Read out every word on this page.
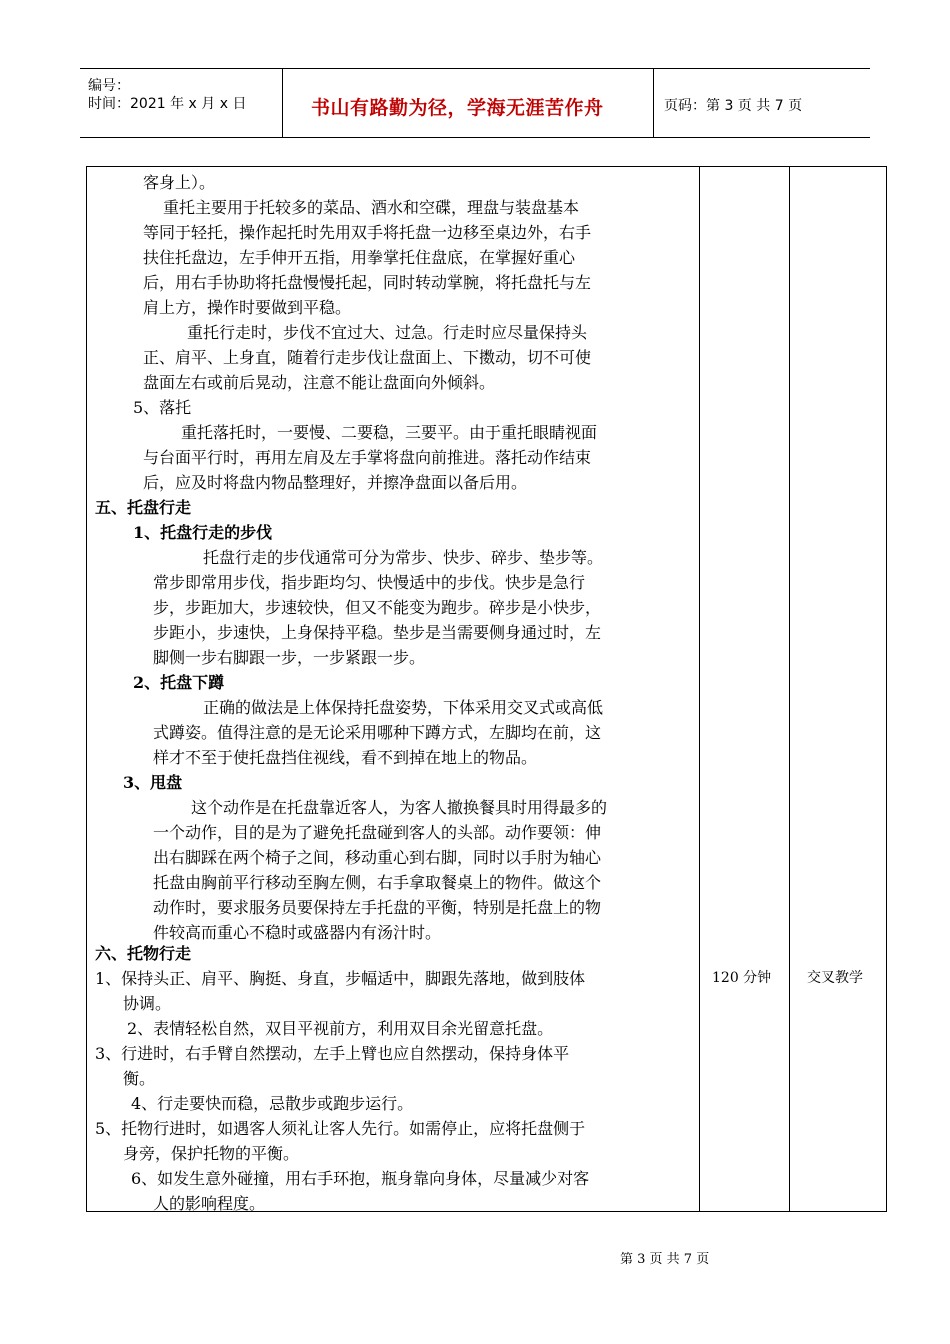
编号：
时间：2021 年 x 月 x 日	书山有路勤为径，学海无涯苦作舟	页码：第 3 页 共 7 页
客身上）。
重托主要用于托较多的菜品、酒水和空碟，理盘与装盘基本
等同于轻托，操作起托时先用双手将托盘一边移至桌边外，右手
扶住托盘边，左手伸开五指，用拳掌托住盘底，在掌握好重心
后，用右手协助将托盘慢慢托起，同时转动掌腕，将托盘托与左
肩上方，操作时要做到平稳。
重托行走时，步伐不宜过大、过急。行走时应尽量保持头
正、肩平、上身直，随着行走步伐让盘面上、下擞动，切不可使
盘面左右或前后晃动，注意不能让盘面向外倾斜。
5、落托
重托落托时，一要慢、二要稳，三要平。由于重托眼睛视面
与台面平行时，再用左肩及左手掌将盘向前推进。落托动作结束
后，应及时将盘内物品整理好，并擦净盘面以备后用。
五、托盘行走
1、托盘行走的步伐
托盘行走的步伐通常可分为常步、快步、碎步、垫步等。
常步即常用步伐，指步距均匀、快慢适中的步伐。快步是急行
步，步距加大，步速较快，但又不能变为跑步。碎步是小快步，
步距小，步速快，上身保持平稳。垫步是当需要侧身通过时，左
脚侧一步右脚跟一步，一步紧跟一步。
2、托盘下蹲
正确的做法是上体保持托盘姿势，下体采用交叉式或高低
式蹲姿。值得注意的是无论采用哪种下蹲方式，左脚均在前，这
样才不至于使托盘挡住视线，看不到掉在地上的物品。
3、甩盘
这个动作是在托盘靠近客人，为客人撤换餐具时用得最多的
一个动作，目的是为了避免托盘碰到客人的头部。动作要领：伸
出右脚踩在两个椅子之间，移动重心到右脚，同时以手肘为轴心
托盘由胸前平行移动至胸左侧，右手拿取餐桌上的物件。做这个
动作时，要求服务员要保持左手托盘的平衡，特别是托盘上的物
件较高而重心不稳时或盛器内有汤汁时。
六、托物行走
1、保持头正、肩平、胸挺、身直，步幅适中，脚跟先落地，做到肢体
协调。
2、表情轻松自然，双目平视前方，利用双目余光留意托盘。
3、行进时，右手臂自然摆动，左手上臂也应自然摆动，保持身体平
衡。
4、行走要快而稳，忌散步或跑步运行。
5、托物行进时，如遇客人须礼让客人先行。如需停止，应将托盘侧于
身旁，保护托物的平衡。
6、如发生意外碰撞，用右手环抱，瓶身靠向身体，尽量减少对客
人的影响程度。
120 分钟	交叉教学
第 3 页 共 7 页
